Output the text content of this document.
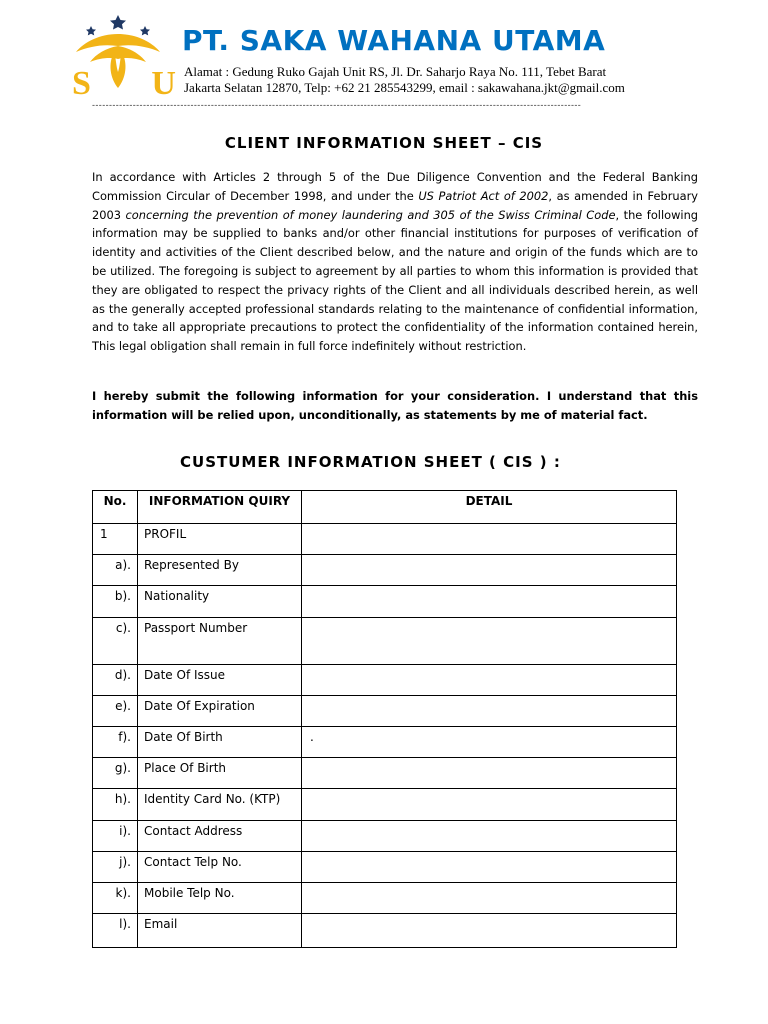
S U
PT. SAKA WAHANA UTAMA
Alamat : Gedung Ruko Gajah Unit RS, Jl. Dr. Saharjo Raya No. 111, Tebet Barat
Jakarta Selatan 12870, Telp: +62 21 285543299, email : sakawahana.jkt@gmail.com
------------------------------------------------------------------------------------------------------------------------------------------------
CLIENT INFORMATION SHEET – CIS
In accordance with Articles 2 through 5 of the Due Diligence Convention and the Federal Banking Commission Circular of December 1998, and under the US Patriot Act of 2002, as amended in February 2003 concerning the prevention of money laundering and 305 of the Swiss Criminal Code, the following information may be supplied to banks and/or other financial institutions for purposes of verification of identity and activities of the Client described below, and the nature and origin of the funds which are to be utilized. The foregoing is subject to agreement by all parties to whom this information is provided that they are obligated to respect the privacy rights of the Client and all individuals described herein, as well as the generally accepted professional standards relating to the maintenance of confidential information, and to take all appropriate precautions to protect the confidentiality of the information contained herein, This legal obligation shall remain in full force indefinitely without restriction.
I hereby submit the following information for your consideration. I understand that this information will be relied upon, unconditionally, as statements by me of material fact.
CUSTUMER INFORMATION SHEET ( CIS ) :
No.	INFORMATION QUIRY	DETAIL
1	PROFIL	
a).	Represented By	
b).	Nationality	
c).	Passport Number	
d).	Date Of Issue	
e).	Date Of Expiration	
f).	Date Of Birth	.
g).	Place Of Birth	
h).	Identity Card No. (KTP)	
i).	Contact Address	
j).	Contact Telp No.	
k).	Mobile Telp No.	
l).	Email	
